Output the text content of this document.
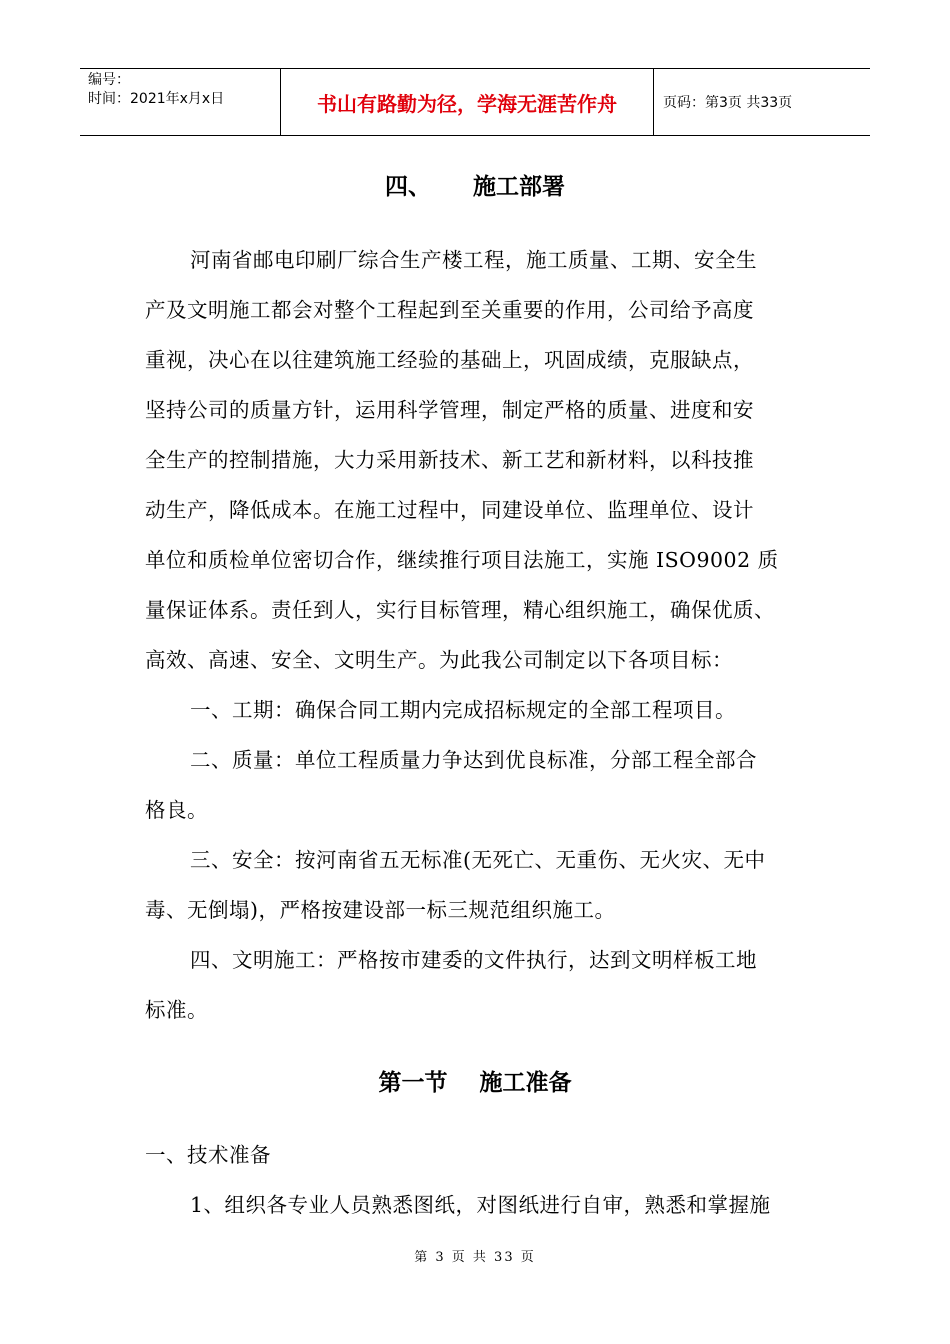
编号：
时间：2021年x月x日	书山有路勤为径，学海无涯苦作舟	页码：第3页 共33页
四、 施工部署
河南省邮电印刷厂综合生产楼工程，施工质量、工期、安全生
产及文明施工都会对整个工程起到至关重要的作用，公司给予高度
重视，决心在以往建筑施工经验的基础上，巩固成绩，克服缺点，
坚持公司的质量方针，运用科学管理，制定严格的质量、进度和安
全生产的控制措施，大力采用新技术、新工艺和新材料，以科技推
动生产，降低成本。在施工过程中，同建设单位、监理单位、设计
单位和质检单位密切合作，继续推行项目法施工，实施 ISO9002 质
量保证体系。责任到人，实行目标管理，精心组织施工，确保优质、
高效、高速、安全、文明生产。为此我公司制定以下各项目标：
一、工期：确保合同工期内完成招标规定的全部工程项目。
二、质量：单位工程质量力争达到优良标准，分部工程全部合
格良。
三、安全：按河南省五无标准(无死亡、无重伤、无火灾、无中
毒、无倒塌)，严格按建设部一标三规范组织施工。
四、文明施工：严格按市建委的文件执行，达到文明样板工地
标准。
第一节    施工准备
一、技术准备
1、组织各专业人员熟悉图纸，对图纸进行自审，熟悉和掌握施
第 3 页 共 33 页
